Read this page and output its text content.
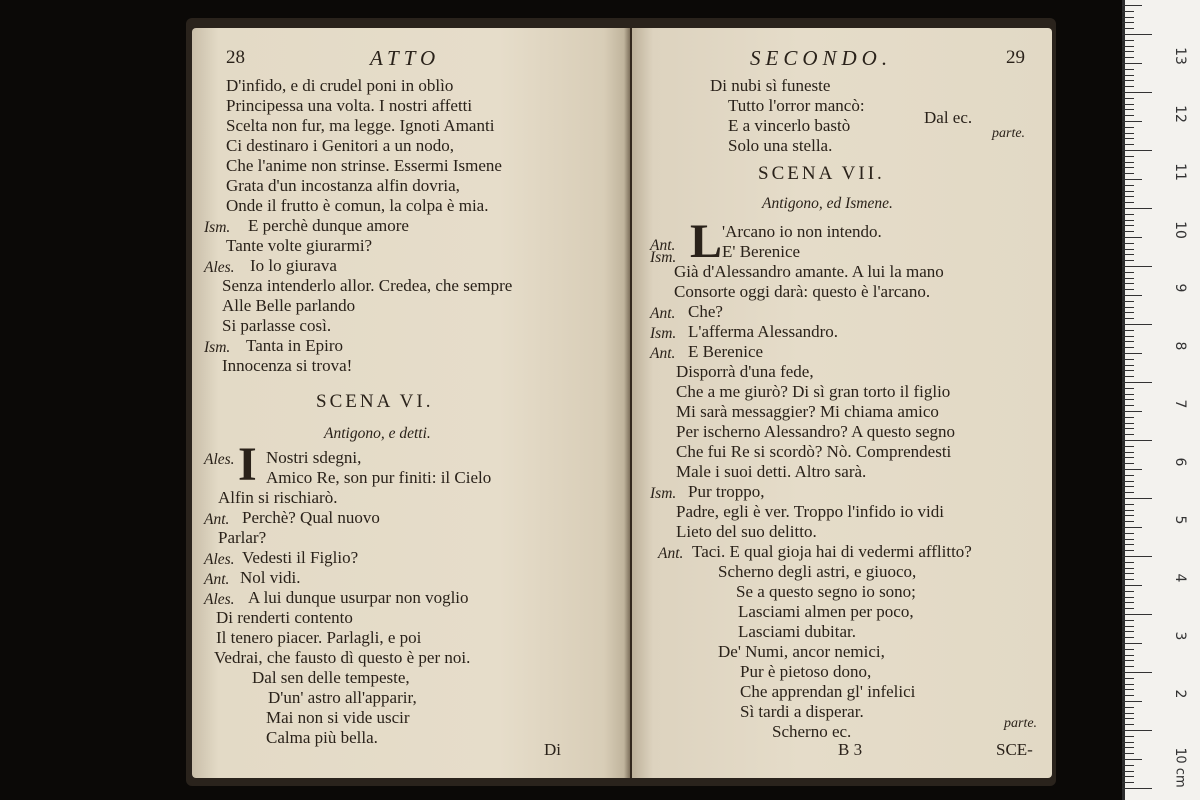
28	ATTO
D'infido, e di crudel poni in oblìo
Principessa una volta. I nostri affetti
Scelta non fur, ma legge. Ignoti Amanti
Ci destinaro i Genitori a un nodo,
Che l'anime non strinse. Essermi Ismene
Grata d'un incostanza alfin dovria,
Onde il frutto è comun, la colpa è mia.
Ism. E perchè dunque amore
Tante volte giurarmi?
Ales. Io lo giurava
Senza intenderlo allor. Credea, che sempre
Alle Belle parlando
Si parlasse così.
Ism. Tanta in Epiro
Innocenza si trova!
SCENA VI.
Antigono, e detti.
Ales. I Nostri sdegni,
Amico Re, son pur finiti: il Cielo
Alfin si rischiarò.
Ant. Perchè? Qual nuovo
Parlar?
Ales. Vedesti il Figlio?
Ant. Nol vidi.
Ales. A lui dunque usurpar non voglio
Di renderti contento
Il tenero piacer. Parlagli, e poi
Vedrai, che fausto dì questo è per noi.
Dal sen delle tempeste,
D'un' astro all'apparir,
Mai non si vide uscir
Calma più bella.
Di
SECONDO.	29
Di nubi sì funeste
Tutto l'orror mancò:
E a vincerlo bastò
Solo una stella.
Dal ec.
parte.
SCENA VII.
Antigono, ed Ismene.
Ant. L 'Arcano io non intendo.
Ism.	E' Berenice
Già d'Alessandro amante. A lui la mano
Consorte oggi darà: questo è l'arcano.
Ant. Che?
Ism. L'afferma Alessandro.
Ant. E Berenice
Disporrà d'una fede,
Che a me giurò? Di sì gran torto il figlio
Mi sarà messaggier? Mi chiama amico
Per ischerno Alessandro? A questo segno
Che fui Re si scordò? Nò. Comprendesti
Male i suoi detti. Altro sarà.
Ism. Pur troppo,
Padre, egli è ver. Troppo l'infido io vidi
Lieto del suo delitto.
Ant. Taci. E qual gioja hai di vedermi afflitto?
Scherno degli astri, e giuoco,
Se a questo segno io sono;
Lasciami almen per poco,
Lasciami dubitar.
De' Numi, ancor nemici,
Pur è pietoso dono,
Che apprendan gl' infelici
Sì tardi a disperar.
Scherno ec.	parte.
B 3	SCE-	1
2
3
4
5
6
7
8
9
10
11
12
13
0 cm
